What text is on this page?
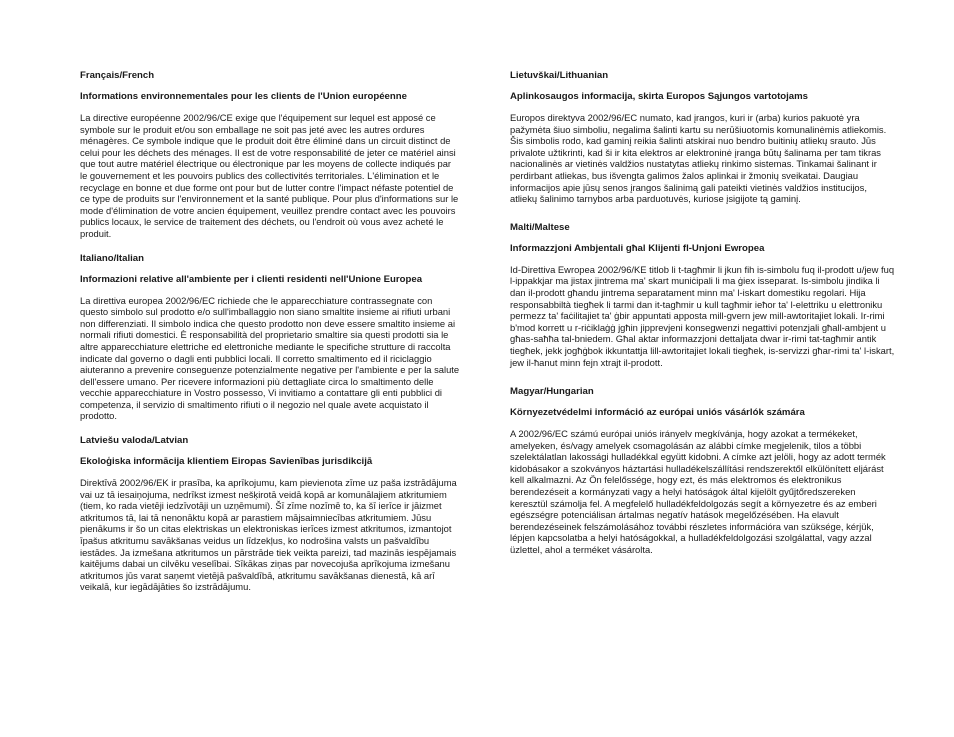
Français/French
Informations environnementales pour les clients de l'Union européenne

La directive européenne 2002/96/CE exige que l'équipement sur lequel est apposé ce symbole sur le produit et/ou son emballage ne soit pas jeté avec les autres ordures ménagères. Ce symbole indique que le produit doit être éliminé dans un circuit distinct de celui pour les déchets des ménages. Il est de votre responsabilité de jeter ce matériel ainsi que tout autre matériel électrique ou électronique par les moyens de collecte indiqués par le gouvernement et les pouvoirs publics des collectivités territoriales. L'élimination et le recyclage en bonne et due forme ont pour but de lutter contre l'impact néfaste potentiel de ce type de produits sur l'environnement et la santé publique. Pour plus d'informations sur le mode d'élimination de votre ancien équipement, veuillez prendre contact avec les pouvoirs publics locaux, le service de traitement des déchets, ou l'endroit où vous avez acheté le produit.

Italiano/Italian
Informazioni relative all'ambiente per i clienti residenti nell'Unione Europea

La direttiva europea 2002/96/EC richiede che le apparecchiature contrassegnate con questo simbolo sul prodotto e/o sull'imballaggio non siano smaltite insieme ai rifiuti urbani non differenziati. Il simbolo indica che questo prodotto non deve essere smaltito insieme ai normali rifiuti domestici. È responsabilità del proprietario smaltire sia questi prodotti sia le altre apparecchiature elettriche ed elettroniche mediante le specifiche strutture di raccolta indicate dal governo o dagli enti pubblici locali. Il corretto smaltimento ed il riciclaggio aiuteranno a prevenire conseguenze potenzialmente negative per l'ambiente e per la salute dell'essere umano. Per ricevere informazioni più dettagliate circa lo smaltimento delle vecchie apparecchiature in Vostro possesso, Vi invitiamo a contattare gli enti pubblici di competenza, il servizio di smaltimento rifiuti o il negozio nel quale avete acquistato il prodotto.

Latviešu valoda/Latvian
Ekoloģiska informācija klientiem Eiropas Savienības jurisdikcijā

Direktīvā 2002/96/EK ir prasība, ka aprīkojumu, kam pievienota zīme uz paša izstrādājuma vai uz tā iesaiņojuma, nedrīkst izmest nešķirotā veidā kopā ar komunālajiem atkritumiem (tiem, ko rada vietēji iedzīvotāji un uzņēmumi). Šī zīme nozīmē to, ka šī ierīce ir jāizmet atkritumos tā, lai tā nenonāktu kopā ar parastiem mājsaimniecības atkritumiem. Jūsu pienākums ir šo un citas elektriskas un elektroniskas ierīces izmest atkritumos, izmantojot īpašus atkritumu savākšanas veidus un līdzekļus, ko nodrošina valsts un pašvaldību iestādes. Ja izmešana atkritumos un pārstrāde tiek veikta pareizi, tad mazinās iespējamais kaitējums dabai un cilvēku veselībai. Sīkākas ziņas par novecojuša aprīkojuma izmešanu atkritumos jūs varat saņemt vietējā pašvaldībā, atkritumu savākšanas dienestā, kā arī veikalā, kur iegādājāties šo izstrādājumu.

Lietuvškai/Lithuanian
Aplinkosaugos informacija, skirta Europos Sąjungos vartotojams

Europos direktyva 2002/96/EC numato, kad įrangos, kuri ir (arba) kurios pakuotė yra pažymėta šiuo simboliu, negalima šalinti kartu su nerūšiuotomis komunalinėmis atliekomis. Šis simbolis rodo, kad gaminį reikia šalinti atskirai nuo bendro buitinių atliekų srauto. Jūs privalote užtikrinti, kad ši ir kita elektros ar elektroninė įranga būtų šalinama per tam tikras nacionalinės ar vietinės valdžios nustatytas atliekų rinkimo sistemas. Tinkamai šalinant ir perdirbant atliekas, bus išvengta galimos žalos aplinkai ir žmonių sveikatai. Daugiau informacijos apie jūsų senos įrangos šalinimą gali pateikti vietinės valdžios institucijos, atliekų šalinimo tarnybos arba parduotuvės, kuriose įsigijote tą gaminį.

Malti/Maltese
Informazzjoni Ambjentali għal Klijenti fl-Unjoni Ewropea

Id-Direttiva Ewropea 2002/96/KE titlob li t-tagħmir li jkun fih is-simbolu fuq il-prodott u/jew fuq l-ippakkjar ma jistax jintrema ma' skart muniċipali li ma ġiex isseparat. Is-simbolu jindika li dan il-prodott għandu jintrema separatament minn ma' l-iskart domestiku regolari. Hija responsabbiltà tiegħek li tarmi dan it-tagħmir u kull tagħmir ieħor ta' l-elettriku u elettroniku permezz ta' faċilitajiet ta' ġbir appuntati apposta mill-gvern jew mill-awtoritajiet lokali. Ir-rimi b'mod korrett u r-riċiklaġġ jgħin jipprevjeni konsegwenzi negattivi potenzjali għall-ambjent u għas-saħħa tal-bniedem. Għal aktar informazzjoni dettaljata dwar ir-rimi tat-tagħmir antik tiegħek, jekk jogħġbok ikkuntattja lill-awtoritajiet lokali tiegħek, is-servizzi għar-rimi ta' l-iskart, jew il-ħanut minn fejn xtrajt il-prodott.

Magyar/Hungarian
Környezetvédelmi információ az európai uniós vásárlók számára

A 2002/96/EC számú európai uniós irányelv megkívánja, hogy azokat a termékeket, amelyeken, és/vagy amelyek csomagolásán az alábbi címke megjelenik, tilos a többi szelektálatlan lakossági hulladékkal együtt kidobni. A címke azt jelöli, hogy az adott termék kidobásakor a szokványos háztartási hulladékelszállítási rendszerektől elkülönített eljárást kell alkalmazni. Az Ön felelőssége, hogy ezt, és más elektromos és elektronikus berendezéseit a kormányzati vagy a helyi hatóságok által kijelölt gyűjtőredszereken keresztül számolja fel. A megfelelő hulladékfeldolgozás segít a környezetre és az emberi egészségre potenciálisan ártalmas negatív hatások megelőzésében. Ha elavult berendezéseinek felszámolásához további részletes információra van szüksége, kérjük, lépjen kapcsolatba a helyi hatóságokkal, a hulladékfeldolgozási szolgálattal, vagy azzal üzlettel, ahol a terméket vásárolta.
